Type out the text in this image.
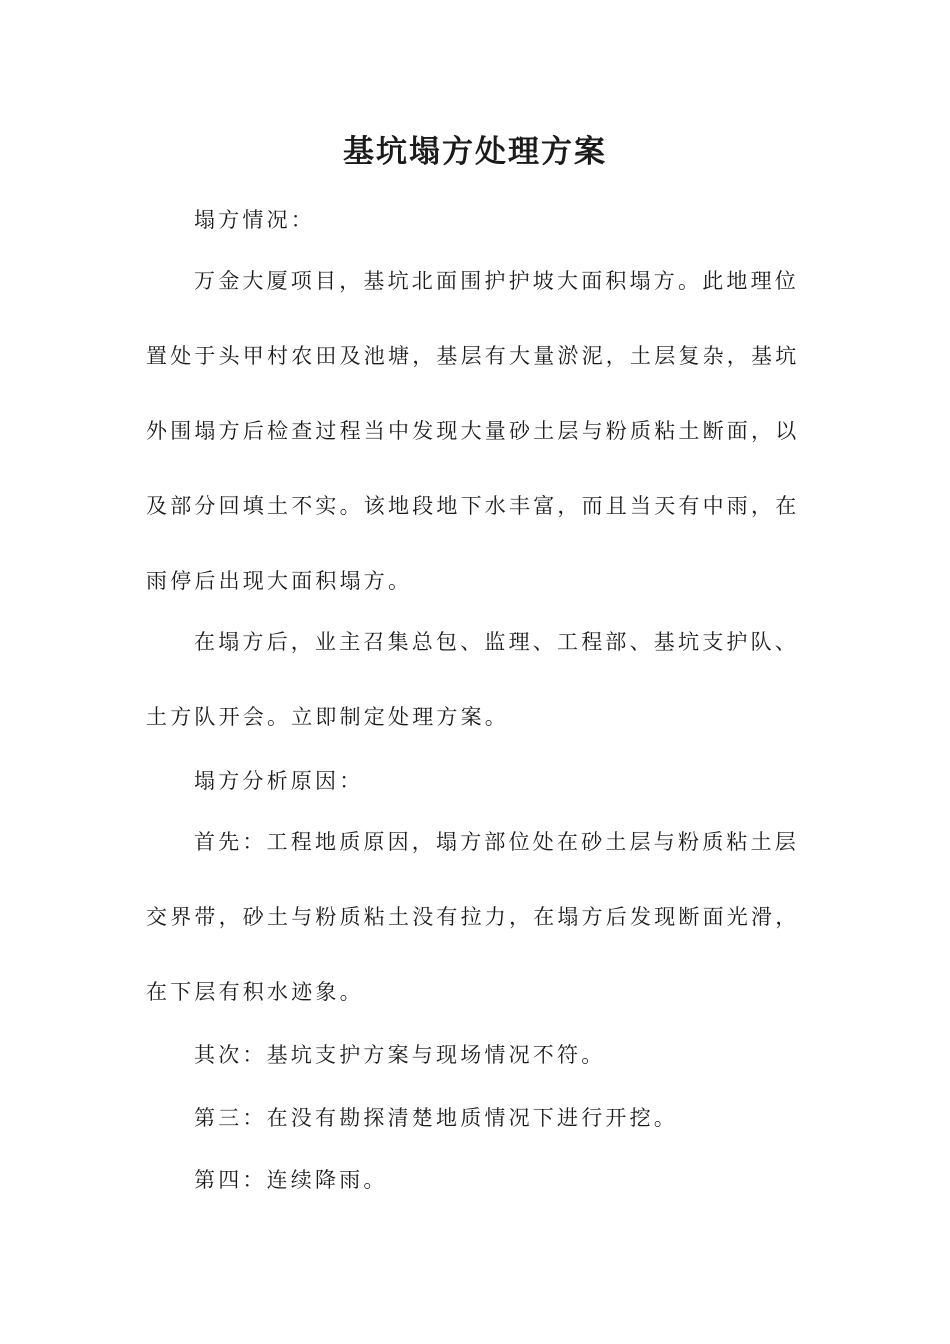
基坑塌方处理方案

塌方情况：

万金大厦项目，基坑北面围护护坡大面积塌方。此地理位置处于头甲村农田及池塘，基层有大量淤泥，土层复杂，基坑外围塌方后检查过程当中发现大量砂土层与粉质粘土断面，以及部分回填土不实。该地段地下水丰富，而且当天有中雨，在雨停后出现大面积塌方。

在塌方后，业主召集总包、监理、工程部、基坑支护队、土方队开会。立即制定处理方案。

塌方分析原因：

首先：工程地质原因，塌方部位处在砂土层与粉质粘土层交界带，砂土与粉质粘土没有拉力，在塌方后发现断面光滑，在下层有积水迹象。

其次：基坑支护方案与现场情况不符。

第三：在没有勘探清楚地质情况下进行开挖。

第四：连续降雨。
